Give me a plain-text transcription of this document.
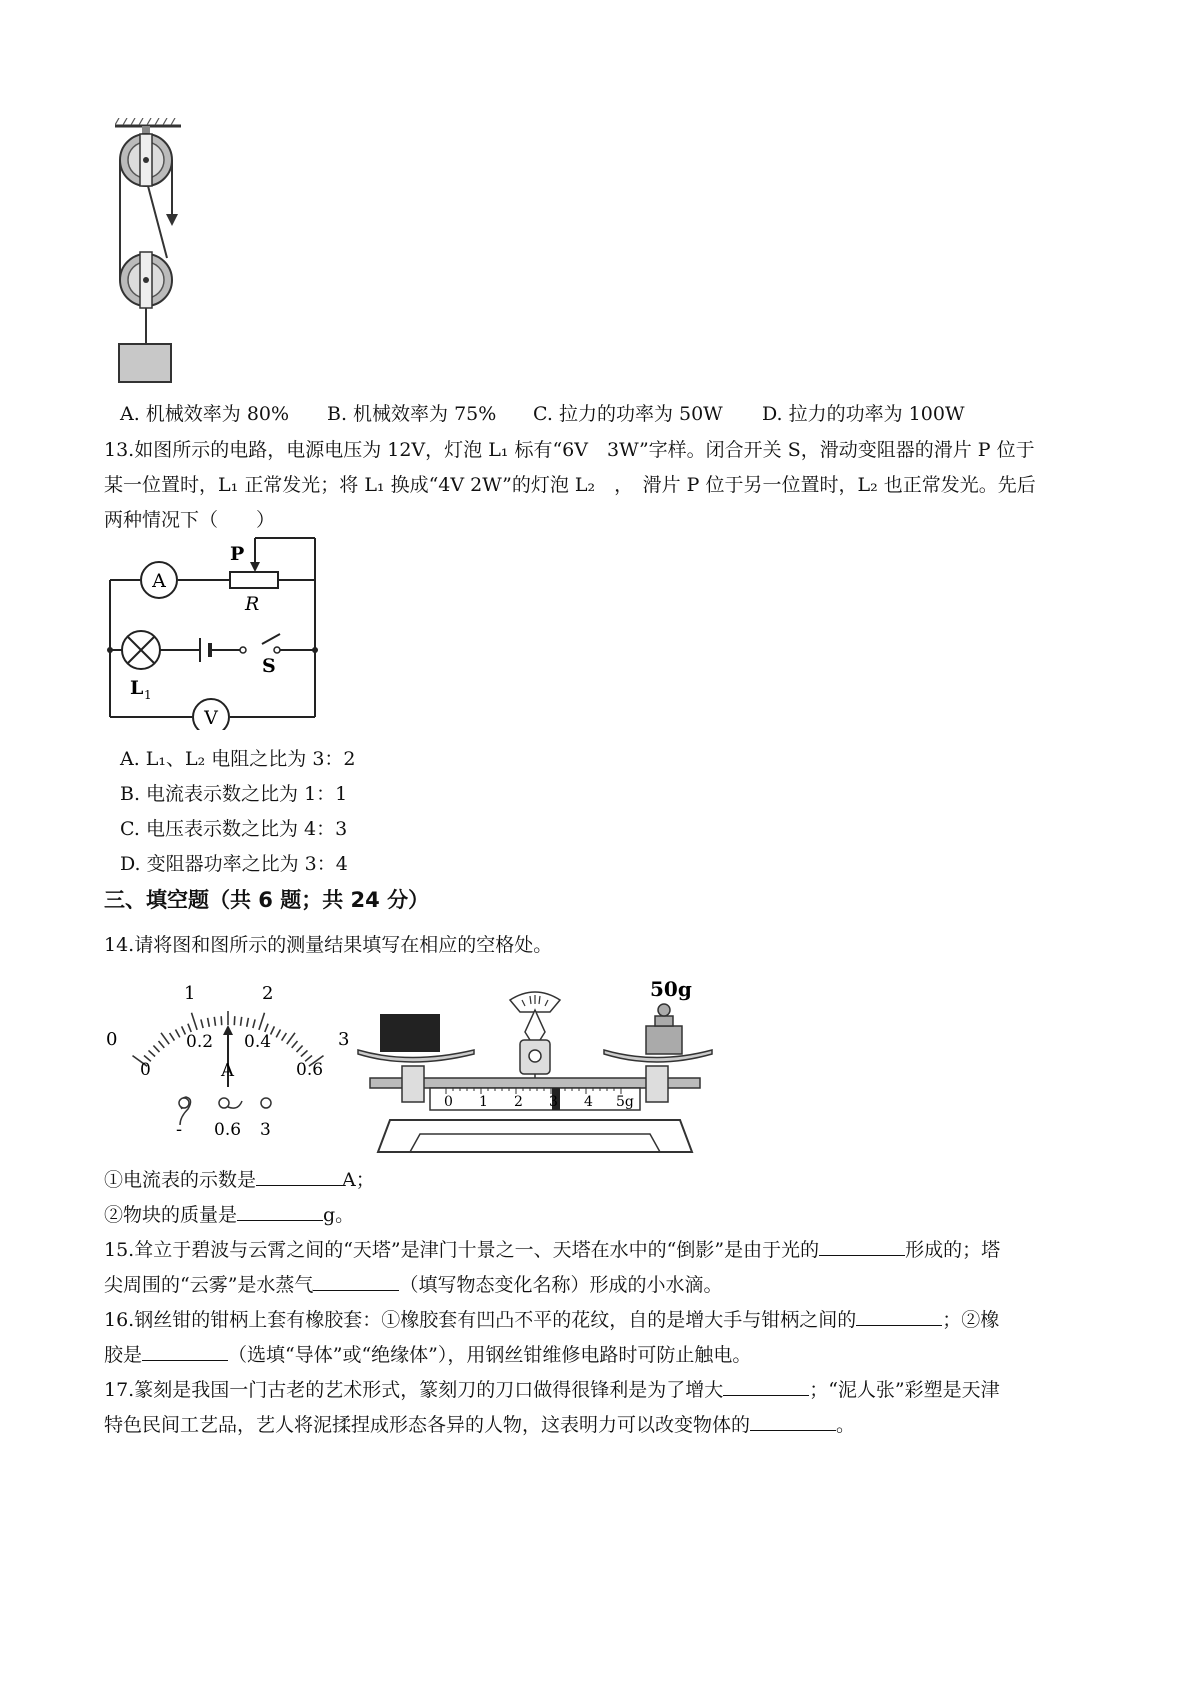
A. 机械效率为 80% B. 机械效率为 75% C. 拉力的功率为 50W D. 拉力的功率为 100W
13.如图所示的电路，电源电压为 12V，灯泡 L₁ 标有“6V　3W”字样。闭合开关 S，滑动变阻器的滑片 P 位于
某一位置时，L₁ 正常发光；将 L₁ 换成“4V 2W”的灯泡 L₂　，　滑片 P 位于另一位置时，L₂ 也正常发光。先后
两种情况下（　　）
A
V
P
R
L 1
S
A. L₁、L₂ 电阻之比为 3：2
B. 电流表示数之比为 1：1
C. 电压表示数之比为 4：3
D. 变阻器功率之比为 3：4
三、填空题（共 6 题；共 24 分）
14.请将图和图所示的测量结果填写在相应的空格处。
0
1	2
3
0
0.2 0.4
0.6
A
- 0.6 3
50g
0 1 2 3 4 5g
①电流表的示数是	A；
②物块的质量是	g。
15.耸立于碧波与云霄之间的“天塔”是津门十景之一、天塔在水中的“倒影”是由于光的	形成的；塔
尖周围的“云雾”是水蒸气	（填写物态变化名称）形成的小水滴。
16.钢丝钳的钳柄上套有橡胶套：①橡胶套有凹凸不平的花纹，自的是增大手与钳柄之间的	；②橡
胶是	（选填“导体”或“绝缘体”），用钢丝钳维修电路时可防止触电。
17.篆刻是我国一门古老的艺术形式，篆刻刀的刀口做得很锋利是为了增大	；“泥人张”彩塑是天津
特色民间工艺品，艺人将泥揉捏成形态各异的人物，这表明力可以改变物体的	。
